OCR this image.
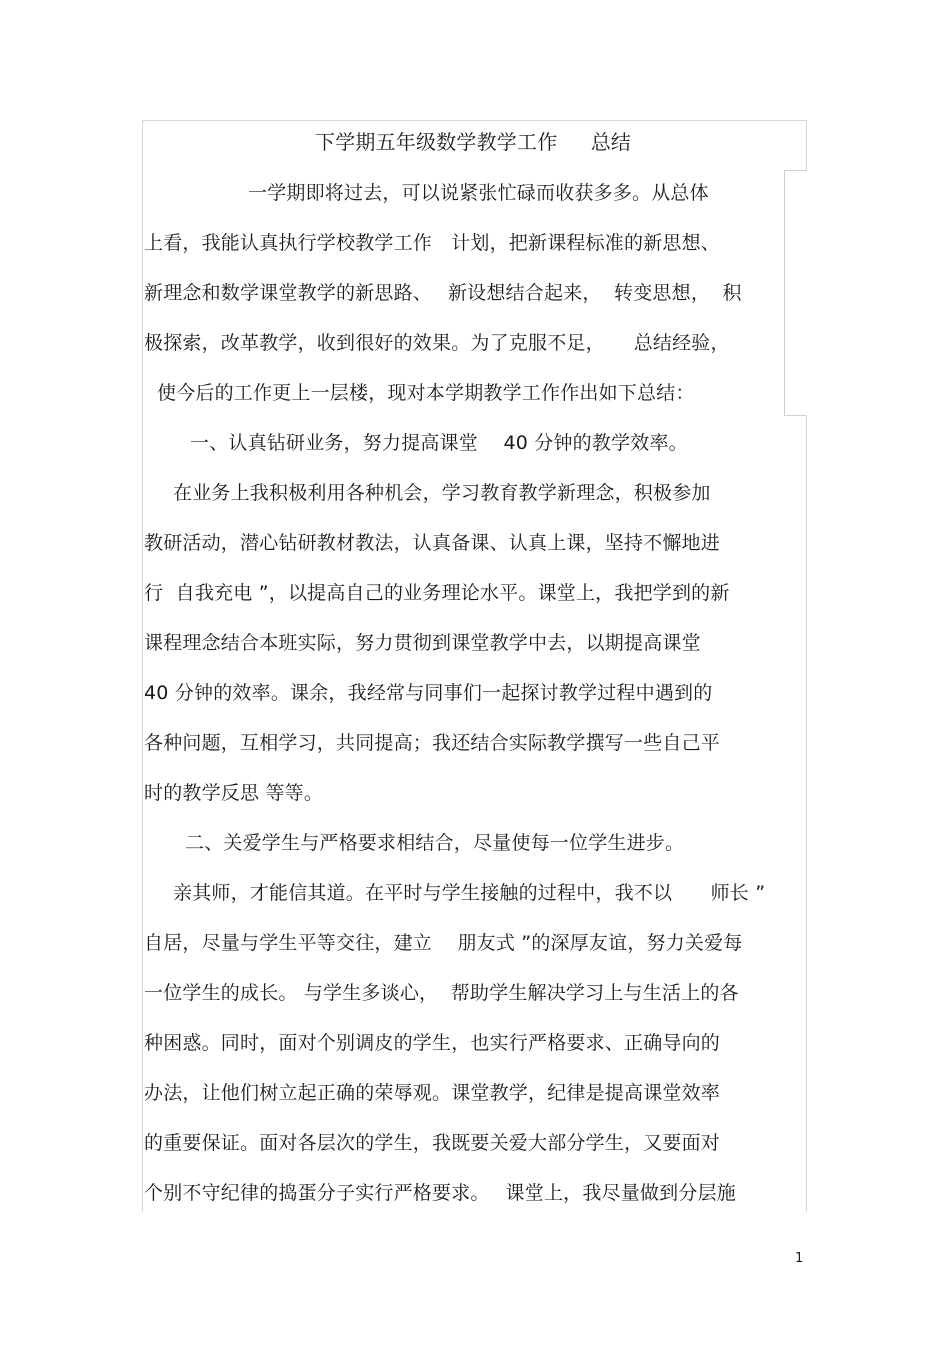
下学期五年级数学教学工作　  总结
一学期即将过去，可以说紧张忙碌而收获多多。从总体
上看，我能认真执行学校教学工作　计划，把新课程标准的新思想、
新理念和数学课堂教学的新思路、　 新设想结合起来，  转变思想，  积
极探索，改革教学，收到很好的效果。为了克服不足，　　总结经验，
使今后的工作更上一层楼，现对本学期教学工作作出如下总结：
一、认真钻研业务，努力提高课堂　 40 分钟的教学效率。
在业务上我积极利用各种机会，学习教育教学新理念，积极参加
教研活动，潜心钻研教材教法，认真备课、认真上课，坚持不懈地进
行  自我充电 ”，以提高自己的业务理论水平。课堂上，我把学到的新
课程理念结合本班实际，努力贯彻到课堂教学中去，以期提高课堂
40 分钟的效率。课余，我经常与同事们一起探讨教学过程中遇到的
各种问题，互相学习，共同提高；我还结合实际教学撰写一些自己平
时的教学反思 等等。
二、关爱学生与严格要求相结合，尽量使每一位学生进步。
亲其师，才能信其道。在平时与学生接触的过程中，我不以　　师长 ”
自居，尽量与学生平等交往，建立　 朋友式 ”的深厚友谊，努力关爱每
一位学生的成长。 与学生多谈心，  帮助学生解决学习上与生活上的各
种困惑。同时，面对个别调皮的学生，也实行严格要求、正确导向的
办法，让他们树立起正确的荣辱观。课堂教学，纪律是提高课堂效率
的重要保证。面对各层次的学生，我既要关爱大部分学生，又要面对
个别不守纪律的捣蛋分子实行严格要求。　 课堂上，我尽量做到分层施
1
